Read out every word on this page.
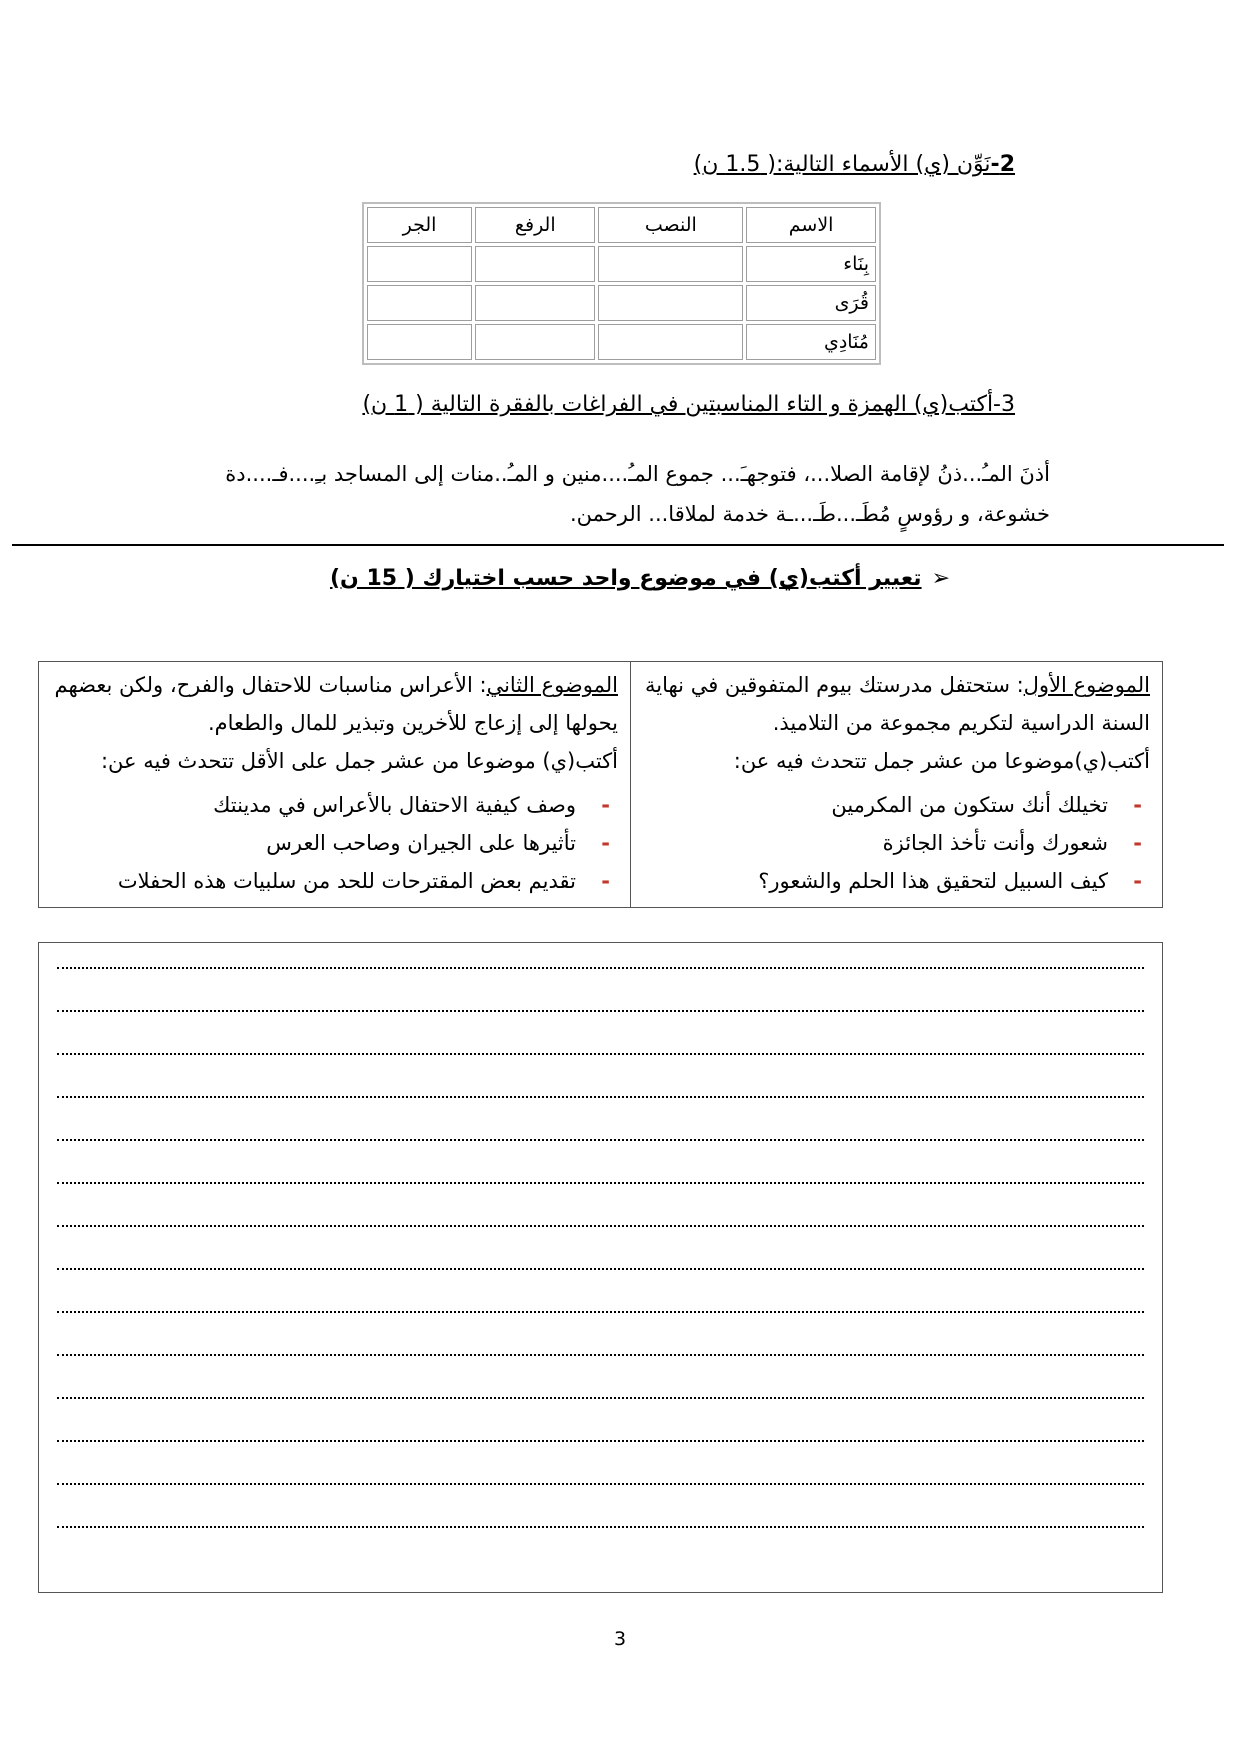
2-نَوِّن (ي) الأسماء التالية:( 1.5 ن)
الاسم	النصب	الرفع	الجر
بِنَاء			
قُرَى			
مُنَادِي			
3-أكتب(ي) الهمزة و التاء المناسبتين في الفراغات بالفقرة التالية ( 1 ن)
أذنَ المـُ...ذنُ لإقامة الصلا...، فتوجهـَ... جموع المـُ....منين و المـُ..منات إلى المساجد بـِ....فـ....دة
خشوعة، و رؤوسٍ مُطَـ...طَـ...ـة خدمة لملاقا... الرحمن.
➢تعبير أكتب(ي) في موضوع واحد حسب اختيارك ( 15 ن)
الموضوع الأول: ستحتفل مدرستك بيوم المتفوقين في نهاية السنة الدراسية لتكريم مجموعة من التلاميذ.
أكتب(ي)موضوعا من عشر جمل تتحدث فيه عن:
-
تخيلك أنك ستكون من المكرمين
-
شعورك وأنت تأخذ الجائزة
-
كيف السبيل لتحقيق هذا الحلم والشعور؟
الموضوع الثاني: الأعراس مناسبات للاحتفال والفرح، ولكن بعضهم يحولها إلى إزعاج للأخرين وتبذير للمال والطعام.
أكتب(ي) موضوعا من عشر جمل على الأقل تتحدث فيه عن:
-
وصف كيفية الاحتفال بالأعراس في مدينتك
-
تأثيرها على الجيران وصاحب العرس
-
تقديم بعض المقترحات للحد من سلبيات هذه الحفلات
3
